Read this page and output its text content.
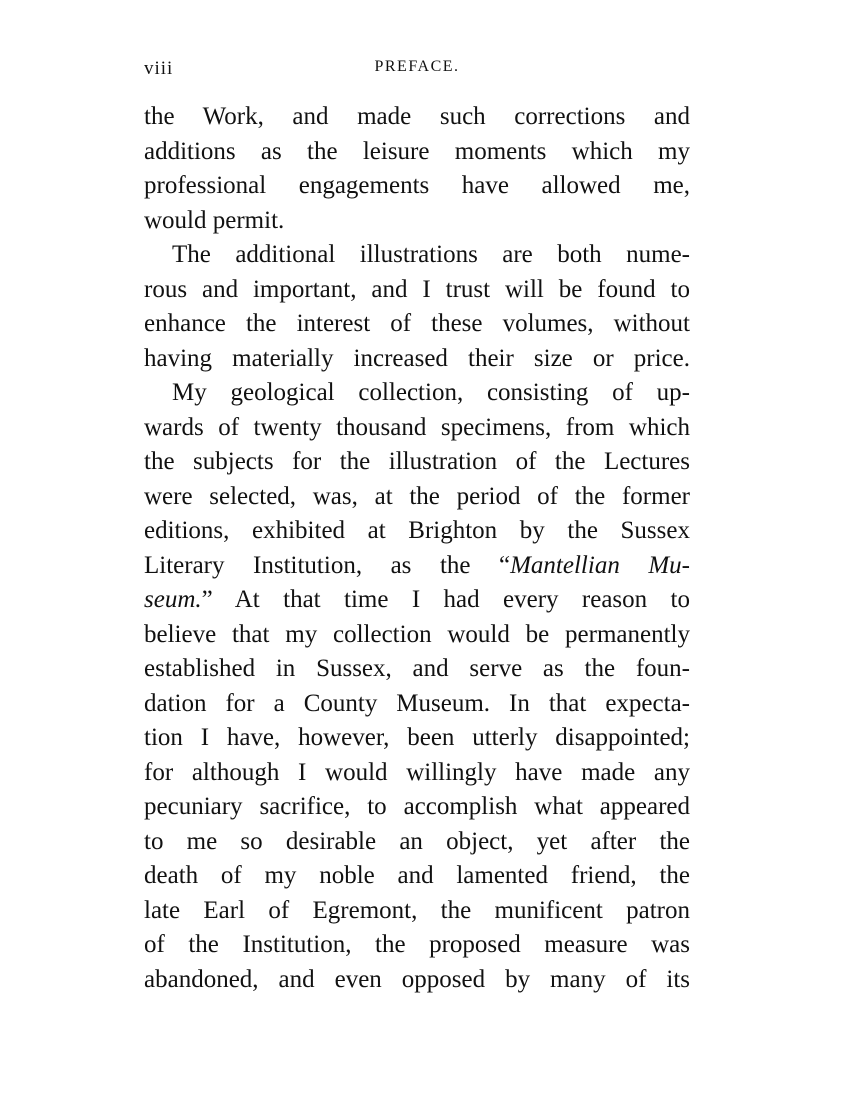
viii	PREFACE.
the Work, and made such corrections and
additions as the leisure moments which my
professional engagements have allowed me,
would permit.
The additional illustrations are both nume-
rous and important, and I trust will be found to
enhance the interest of these volumes, without
having materially increased their size or price.
My geological collection, consisting of up-
wards of twenty thousand specimens, from which
the subjects for the illustration of the Lectures
were selected, was, at the period of the former
editions, exhibited at Brighton by the Sussex
Literary Institution, as the “Mantellian Mu-
seum.” At that time I had every reason to
believe that my collection would be permanently
established in Sussex, and serve as the foun-
dation for a County Museum. In that expecta-
tion I have, however, been utterly disappointed;
for although I would willingly have made any
pecuniary sacrifice, to accomplish what appeared
to me so desirable an object, yet after the
death of my noble and lamented friend, the
late Earl of Egremont, the munificent patron
of the Institution, the proposed measure was
abandoned, and even opposed by many of its
